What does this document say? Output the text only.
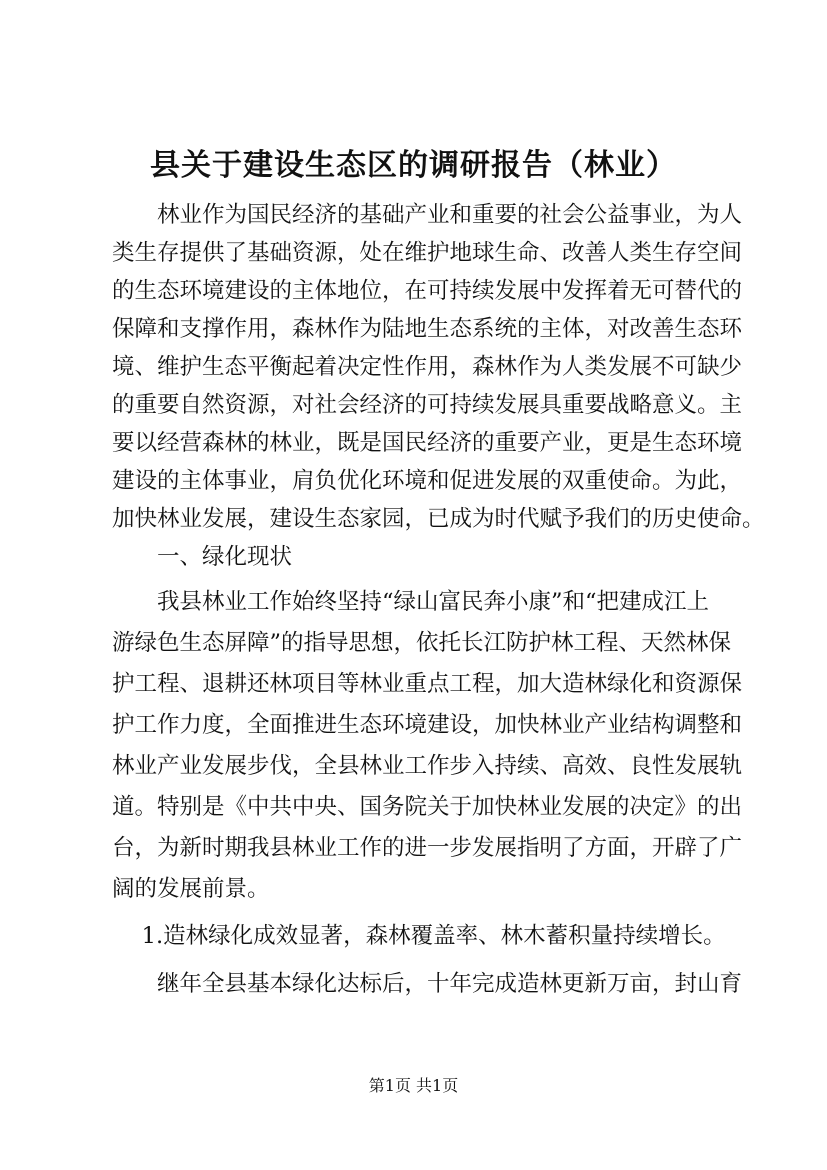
县关于建设生态区的调研报告（林业）
　　林业作为国民经济的基础产业和重要的社会公益事业，为人
类生存提供了基础资源，处在维护地球生命、改善人类生存空间
的生态环境建设的主体地位，在可持续发展中发挥着无可替代的
保障和支撑作用，森林作为陆地生态系统的主体，对改善生态环
境、维护生态平衡起着决定性作用，森林作为人类发展不可缺少
的重要自然资源，对社会经济的可持续发展具重要战略意义。主
要以经营森林的林业，既是国民经济的重要产业，更是生态环境
建设的主体事业，肩负优化环境和促进发展的双重使命。为此，
加快林业发展，建设生态家园，已成为时代赋予我们的历史使命。
　　一、绿化现状
　　我县林业工作始终坚持“绿山富民奔小康”和“把建成江上
游绿色生态屏障”的指导思想，依托长江防护林工程、天然林保
护工程、退耕还林项目等林业重点工程，加大造林绿化和资源保
护工作力度，全面推进生态环境建设，加快林业产业结构调整和
林业产业发展步伐，全县林业工作步入持续、高效、良性发展轨
道。特别是《中共中央、国务院关于加快林业发展的决定》的出
台，为新时期我县林业工作的进一步发展指明了方面，开辟了广
阔的发展前景。
　 1.造林绿化成效显著，森林覆盖率、林木蓄积量持续增长。
　　继年全县基本绿化达标后，十年完成造林更新万亩，封山育
第1页 共1页
